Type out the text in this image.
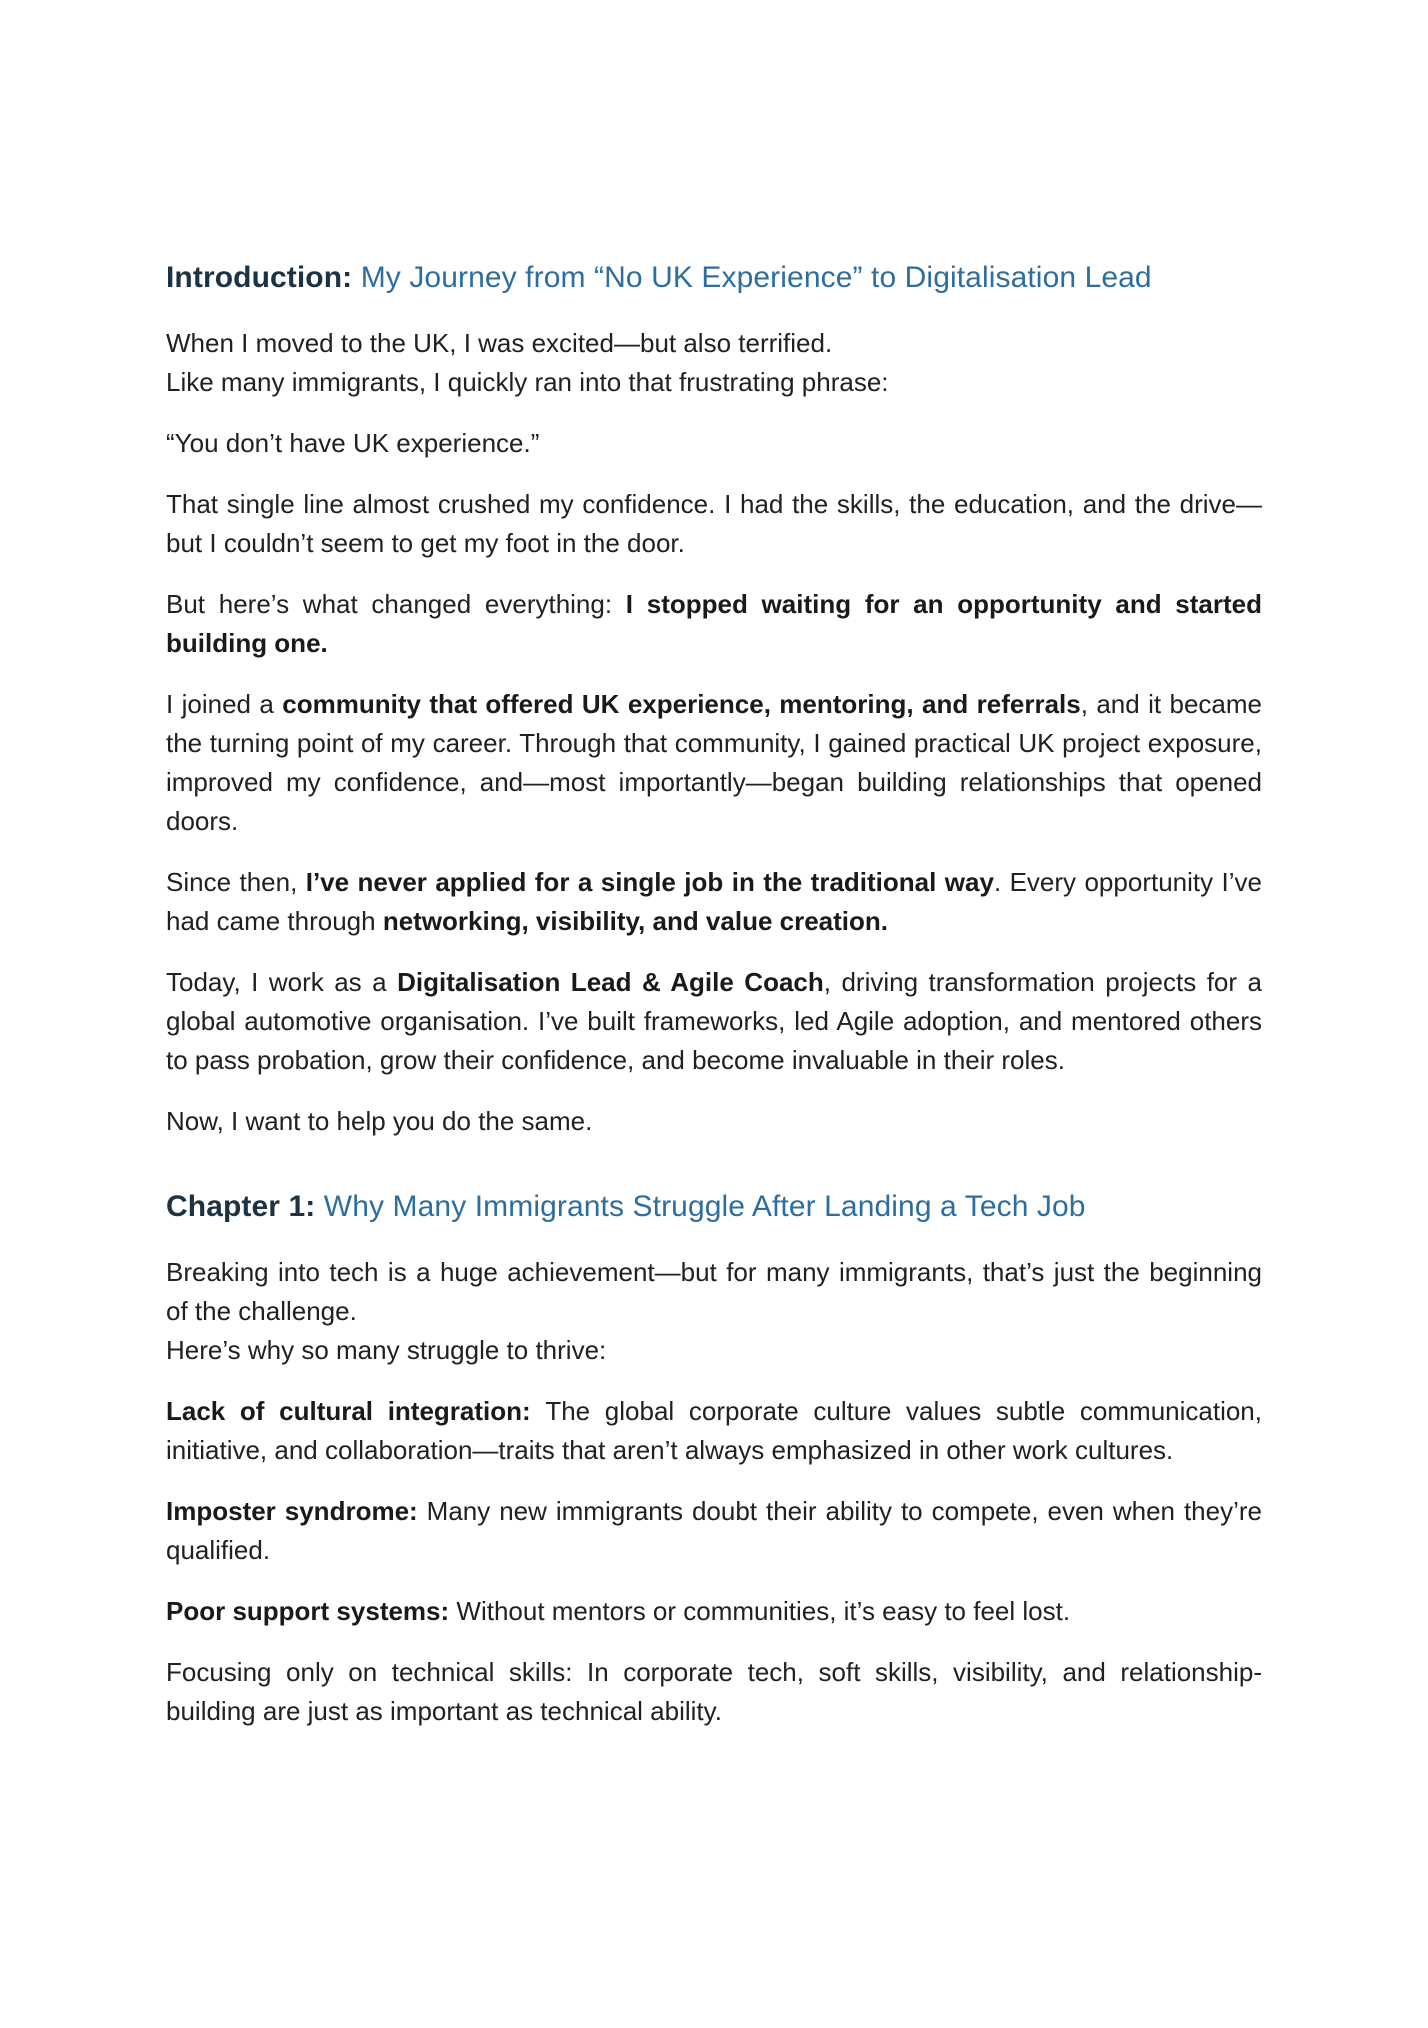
Introduction: My Journey from “No UK Experience” to Digitalisation Lead

When I moved to the UK, I was excited—but also terrified.
Like many immigrants, I quickly ran into that frustrating phrase:

“You don’t have UK experience.”

That single line almost crushed my confidence. I had the skills, the education, and the drive—but I couldn’t seem to get my foot in the door.

But here’s what changed everything: I stopped waiting for an opportunity and started building one.

I joined a community that offered UK experience, mentoring, and referrals, and it became the turning point of my career. Through that community, I gained practical UK project exposure, improved my confidence, and—most importantly—began building relationships that opened doors.

Since then, I’ve never applied for a single job in the traditional way. Every opportunity I’ve had came through networking, visibility, and value creation.

Today, I work as a Digitalisation Lead & Agile Coach, driving transformation projects for a global automotive organisation. I’ve built frameworks, led Agile adoption, and mentored others to pass probation, grow their confidence, and become invaluable in their roles.

Now, I want to help you do the same.

Chapter 1: Why Many Immigrants Struggle After Landing a Tech Job

Breaking into tech is a huge achievement—but for many immigrants, that’s just the beginning of the challenge.
Here’s why so many struggle to thrive:

Lack of cultural integration: The global corporate culture values subtle communication, initiative, and collaboration—traits that aren’t always emphasized in other work cultures.

Imposter syndrome: Many new immigrants doubt their ability to compete, even when they’re qualified.

Poor support systems: Without mentors or communities, it’s easy to feel lost.

Focusing only on technical skills: In corporate tech, soft skills, visibility, and relationship-building are just as important as technical ability.
